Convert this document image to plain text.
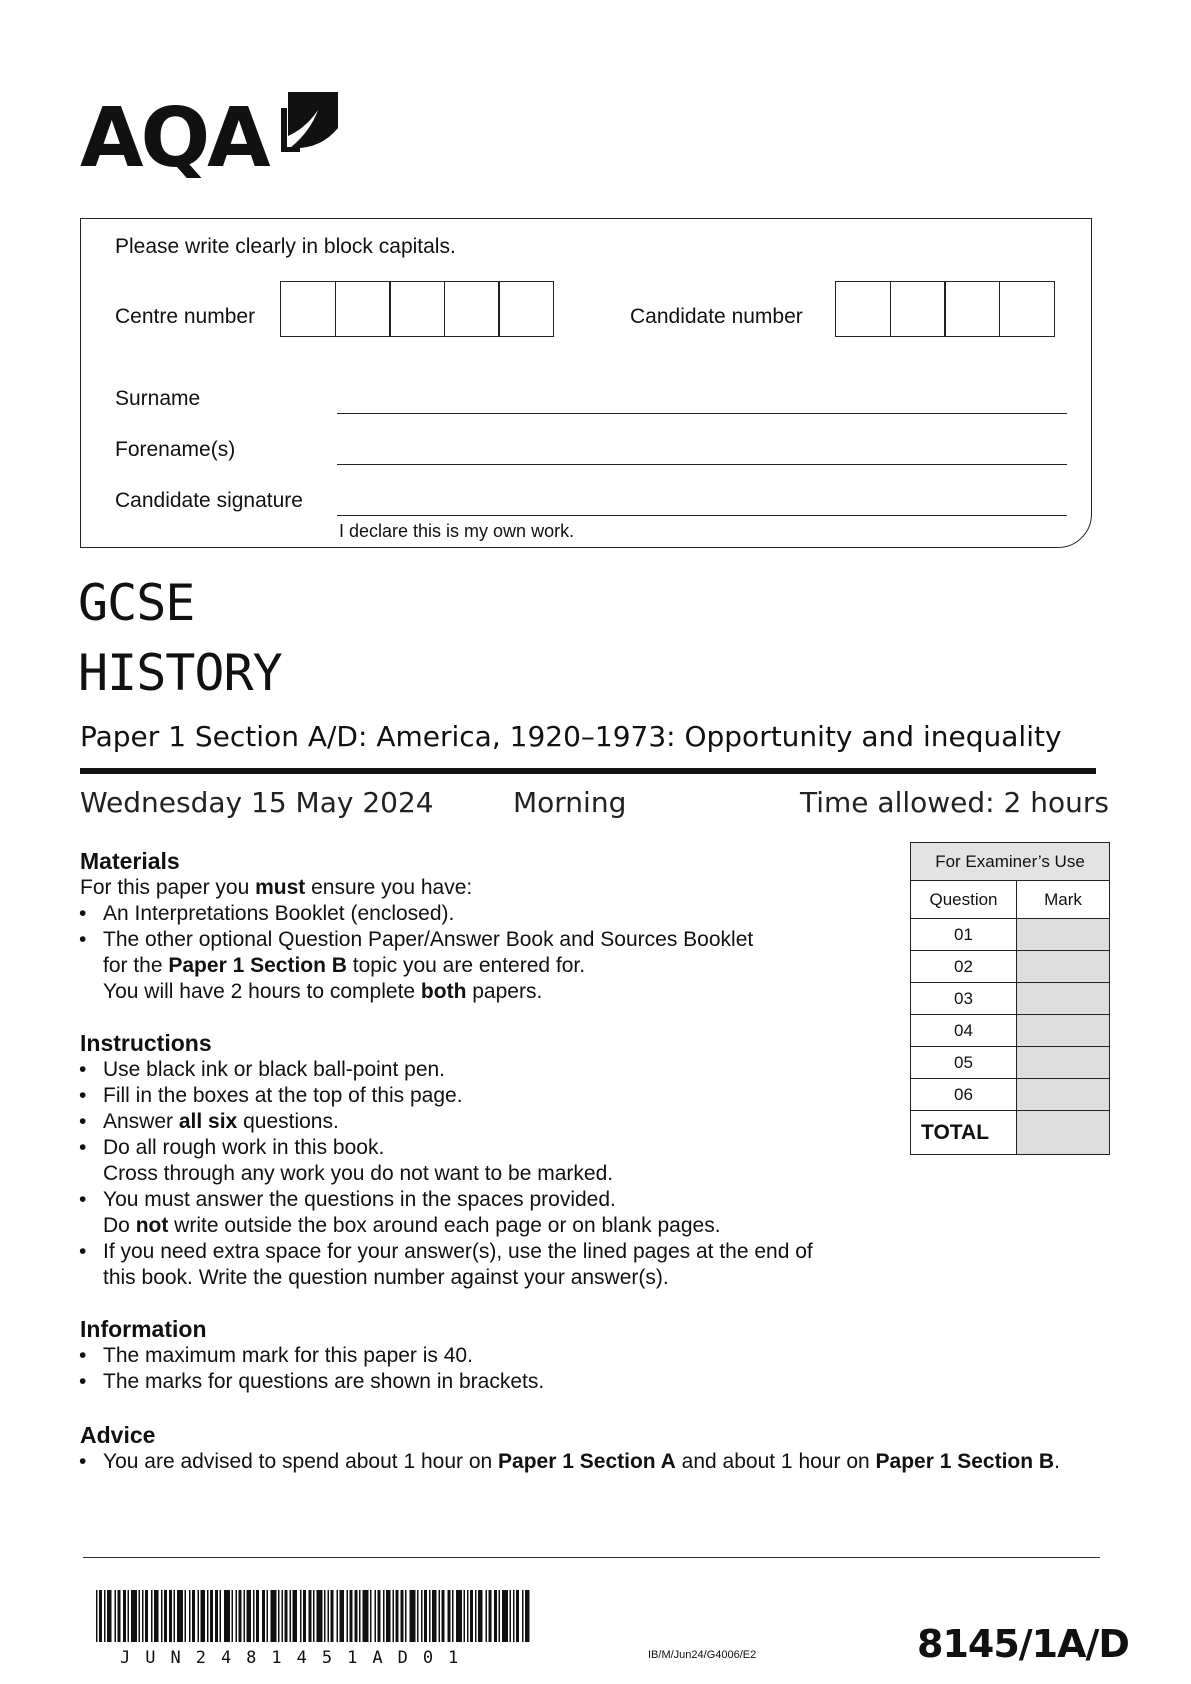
AQA
Please write clearly in block capitals.
Centre number	Candidate number
Surname
Forename(s)
Candidate signature
I declare this is my own work.
GCSE
HISTORY
Paper 1 Section A/D: America, 1920–1973: Opportunity and inequality
Wednesday 15 May 2024	Morning	Time allowed: 2 hours
Materials
For this paper you must ensure you have:
• An Interpretations Booklet (enclosed).
• The other optional Question Paper/Answer Book and Sources Booklet
for the Paper 1 Section B topic you are entered for.
You will have 2 hours to complete both papers.
Instructions
• Use black ink or black ball-point pen.
• Fill in the boxes at the top of this page.
• Answer all six questions.
• Do all rough work in this book.
Cross through any work you do not want to be marked.
• You must answer the questions in the spaces provided.
Do not write outside the box around each page or on blank pages.
• If you need extra space for your answer(s), use the lined pages at the end of
this book. Write the question number against your answer(s).
Information
• The maximum mark for this paper is 40.
• The marks for questions are shown in brackets.
Advice
• You are advised to spend about 1 hour on Paper 1 Section A and about 1 hour on Paper 1 Section B.
For Examiner’s Use	
Question	Mark
01	
02	
03	
04	
05	
06	
TOTAL	
JUN2481451AD01	IB/M/Jun24/G4006/E2	8145/1A/D
